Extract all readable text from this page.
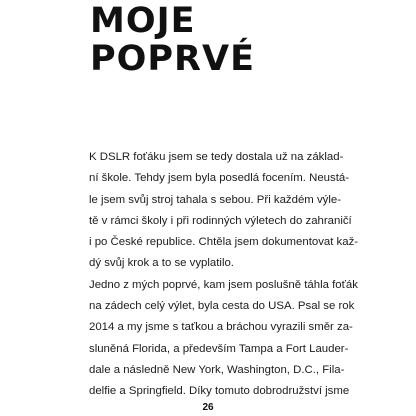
MOJE
POPRVÉ
K DSLR foťáku jsem se tedy dostala už na základ-
ní škole. Tehdy jsem byla posedlá focením. Neustá-
le jsem svůj stroj tahala s sebou. Při každém výle-
tě v rámci školy i při rodinných výletech do zahraničí
i po České republice. Chtěla jsem dokumentovat kaž-
dý svůj krok a to se vyplatilo.
Jedno z mých poprvé, kam jsem poslušně táhla foťák
na zádech celý výlet, byla cesta do USA. Psal se rok
2014 a my jsme s taťkou a bráchou vyrazili směr za-
sluněná Florida, a především Tampa a Fort Lauder-
dale a následně New York, Washington, D.C., Fila-
delfie a Springfield. Díky tomuto dobrodružství jsme
26
